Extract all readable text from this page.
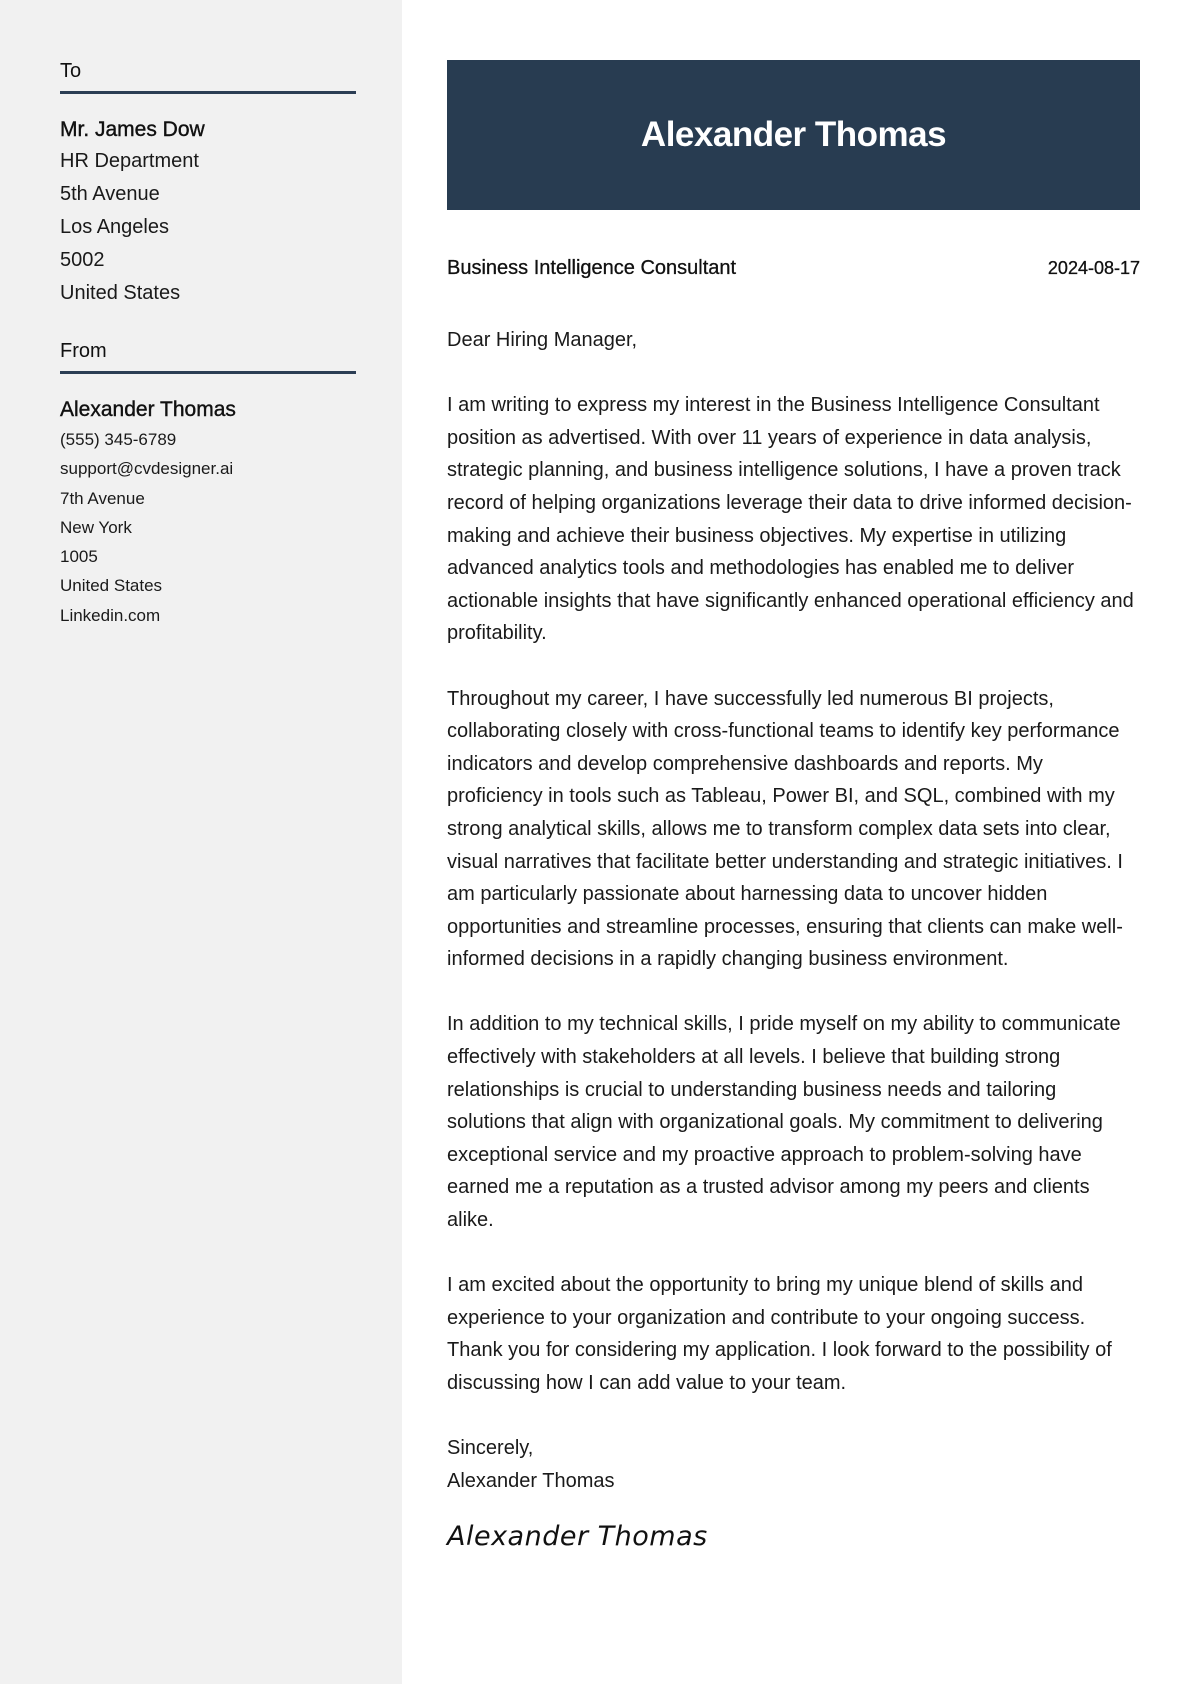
To
Mr. James Dow
HR Department
5th Avenue
Los Angeles
5002
United States
From
Alexander Thomas
(555) 345-6789
support@cvdesigner.ai
7th Avenue
New York
1005
United States
Linkedin.com
Alexander Thomas
Business Intelligence Consultant	2024-08-17

Dear Hiring Manager,

I am writing to express my interest in the Business Intelligence Consultant position as advertised. With over 11 years of experience in data analysis, strategic planning, and business intelligence solutions, I have a proven track record of helping organizations leverage their data to drive informed decision-making and achieve their business objectives. My expertise in utilizing advanced analytics tools and methodologies has enabled me to deliver actionable insights that have significantly enhanced operational efficiency and profitability.

Throughout my career, I have successfully led numerous BI projects, collaborating closely with cross-functional teams to identify key performance indicators and develop comprehensive dashboards and reports. My proficiency in tools such as Tableau, Power BI, and SQL, combined with my strong analytical skills, allows me to transform complex data sets into clear, visual narratives that facilitate better understanding and strategic initiatives. I am particularly passionate about harnessing data to uncover hidden opportunities and streamline processes, ensuring that clients can make well-informed decisions in a rapidly changing business environment.

In addition to my technical skills, I pride myself on my ability to communicate effectively with stakeholders at all levels. I believe that building strong relationships is crucial to understanding business needs and tailoring solutions that align with organizational goals. My commitment to delivering exceptional service and my proactive approach to problem-solving have earned me a reputation as a trusted advisor among my peers and clients alike.

I am excited about the opportunity to bring my unique blend of skills and experience to your organization and contribute to your ongoing success. Thank you for considering my application. I look forward to the possibility of discussing how I can add value to your team.

Sincerely,

Alexander Thomas

Alexander Thomas
